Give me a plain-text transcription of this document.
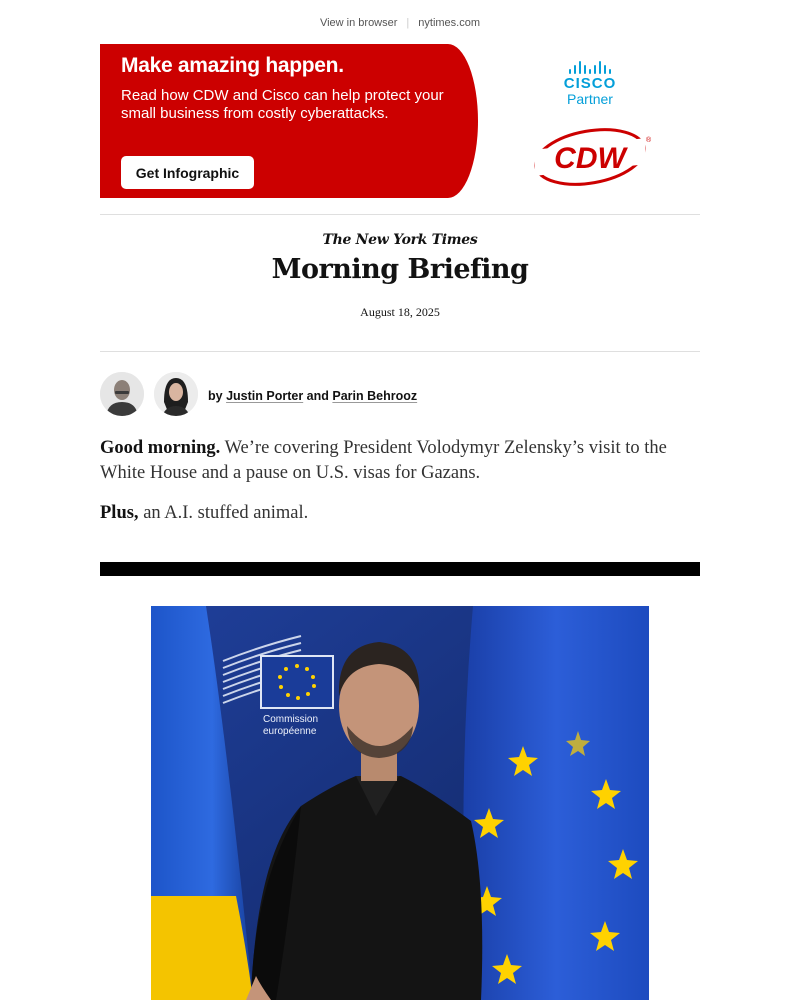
View in browser | nytimes.com
Make amazing happen.
Read how CDW and Cisco can help protect your small business from costly cyberattacks.
Get Infographic
CISCO
Partner
CDW
®
The New York Times
Morning Briefing
August 18, 2025
by Justin Porter and Parin Behrooz
Good morning. We’re covering President Volodymyr Zelensky’s visit to the White House and a pause on U.S. visas for Gazans.
Plus, an A.I. stuffed animal.
Commission
européenne
